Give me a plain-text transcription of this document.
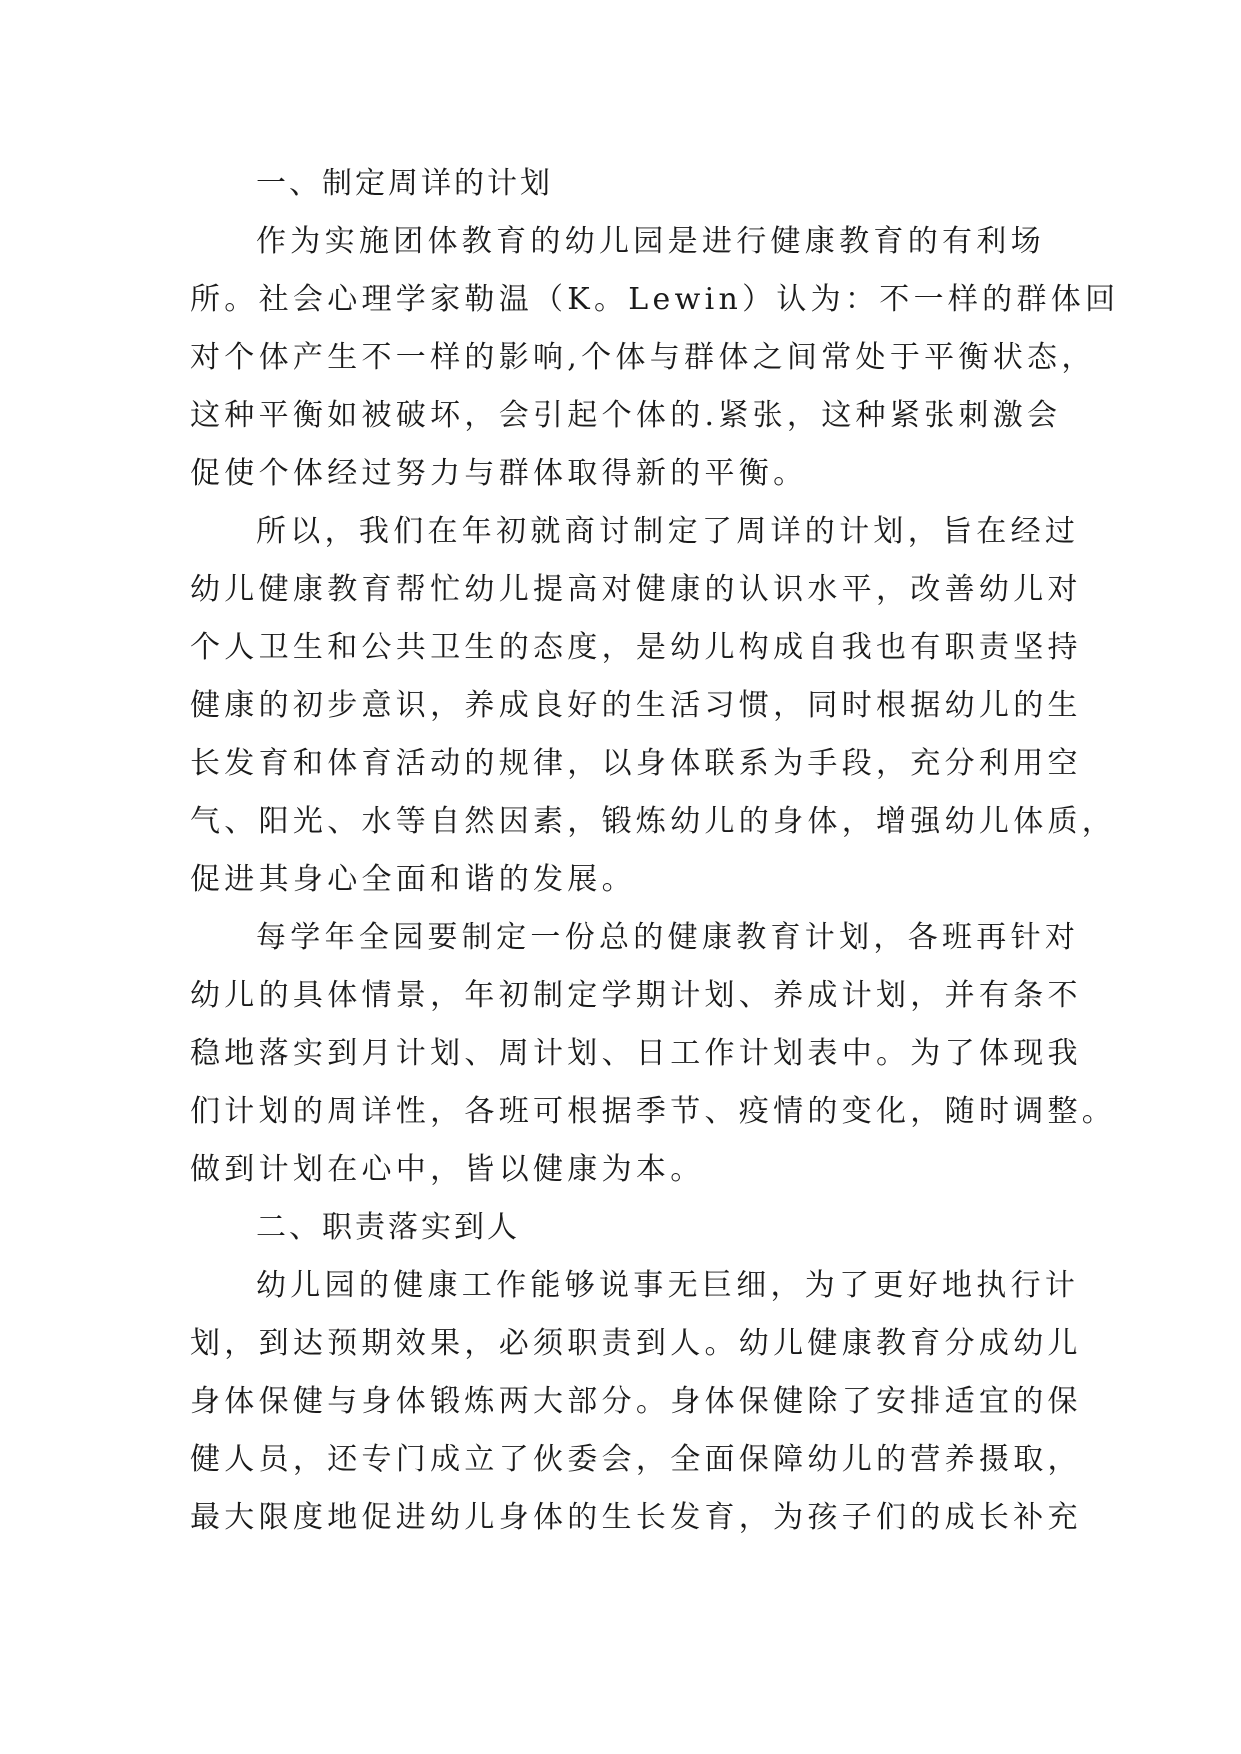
一、制定周详的计划
作为实施团体教育的幼儿园是进行健康教育的有利场
所。社会心理学家勒温（K。Lewin）认为：不一样的群体回
对个体产生不一样的影响,个体与群体之间常处于平衡状态，
这种平衡如被破坏，会引起个体的.紧张，这种紧张刺激会
促使个体经过努力与群体取得新的平衡。
所以，我们在年初就商讨制定了周详的计划，旨在经过
幼儿健康教育帮忙幼儿提高对健康的认识水平，改善幼儿对
个人卫生和公共卫生的态度，是幼儿构成自我也有职责坚持
健康的初步意识，养成良好的生活习惯，同时根据幼儿的生
长发育和体育活动的规律，以身体联系为手段，充分利用空
气、阳光、水等自然因素，锻炼幼儿的身体，增强幼儿体质，
促进其身心全面和谐的发展。
每学年全园要制定一份总的健康教育计划，各班再针对
幼儿的具体情景，年初制定学期计划、养成计划，并有条不
稳地落实到月计划、周计划、日工作计划表中。为了体现我
们计划的周详性，各班可根据季节、疫情的变化，随时调整。
做到计划在心中，皆以健康为本。
二、职责落实到人
幼儿园的健康工作能够说事无巨细，为了更好地执行计
划，到达预期效果，必须职责到人。幼儿健康教育分成幼儿
身体保健与身体锻炼两大部分。身体保健除了安排适宜的保
健人员，还专门成立了伙委会，全面保障幼儿的营养摄取，
最大限度地促进幼儿身体的生长发育，为孩子们的成长补充
